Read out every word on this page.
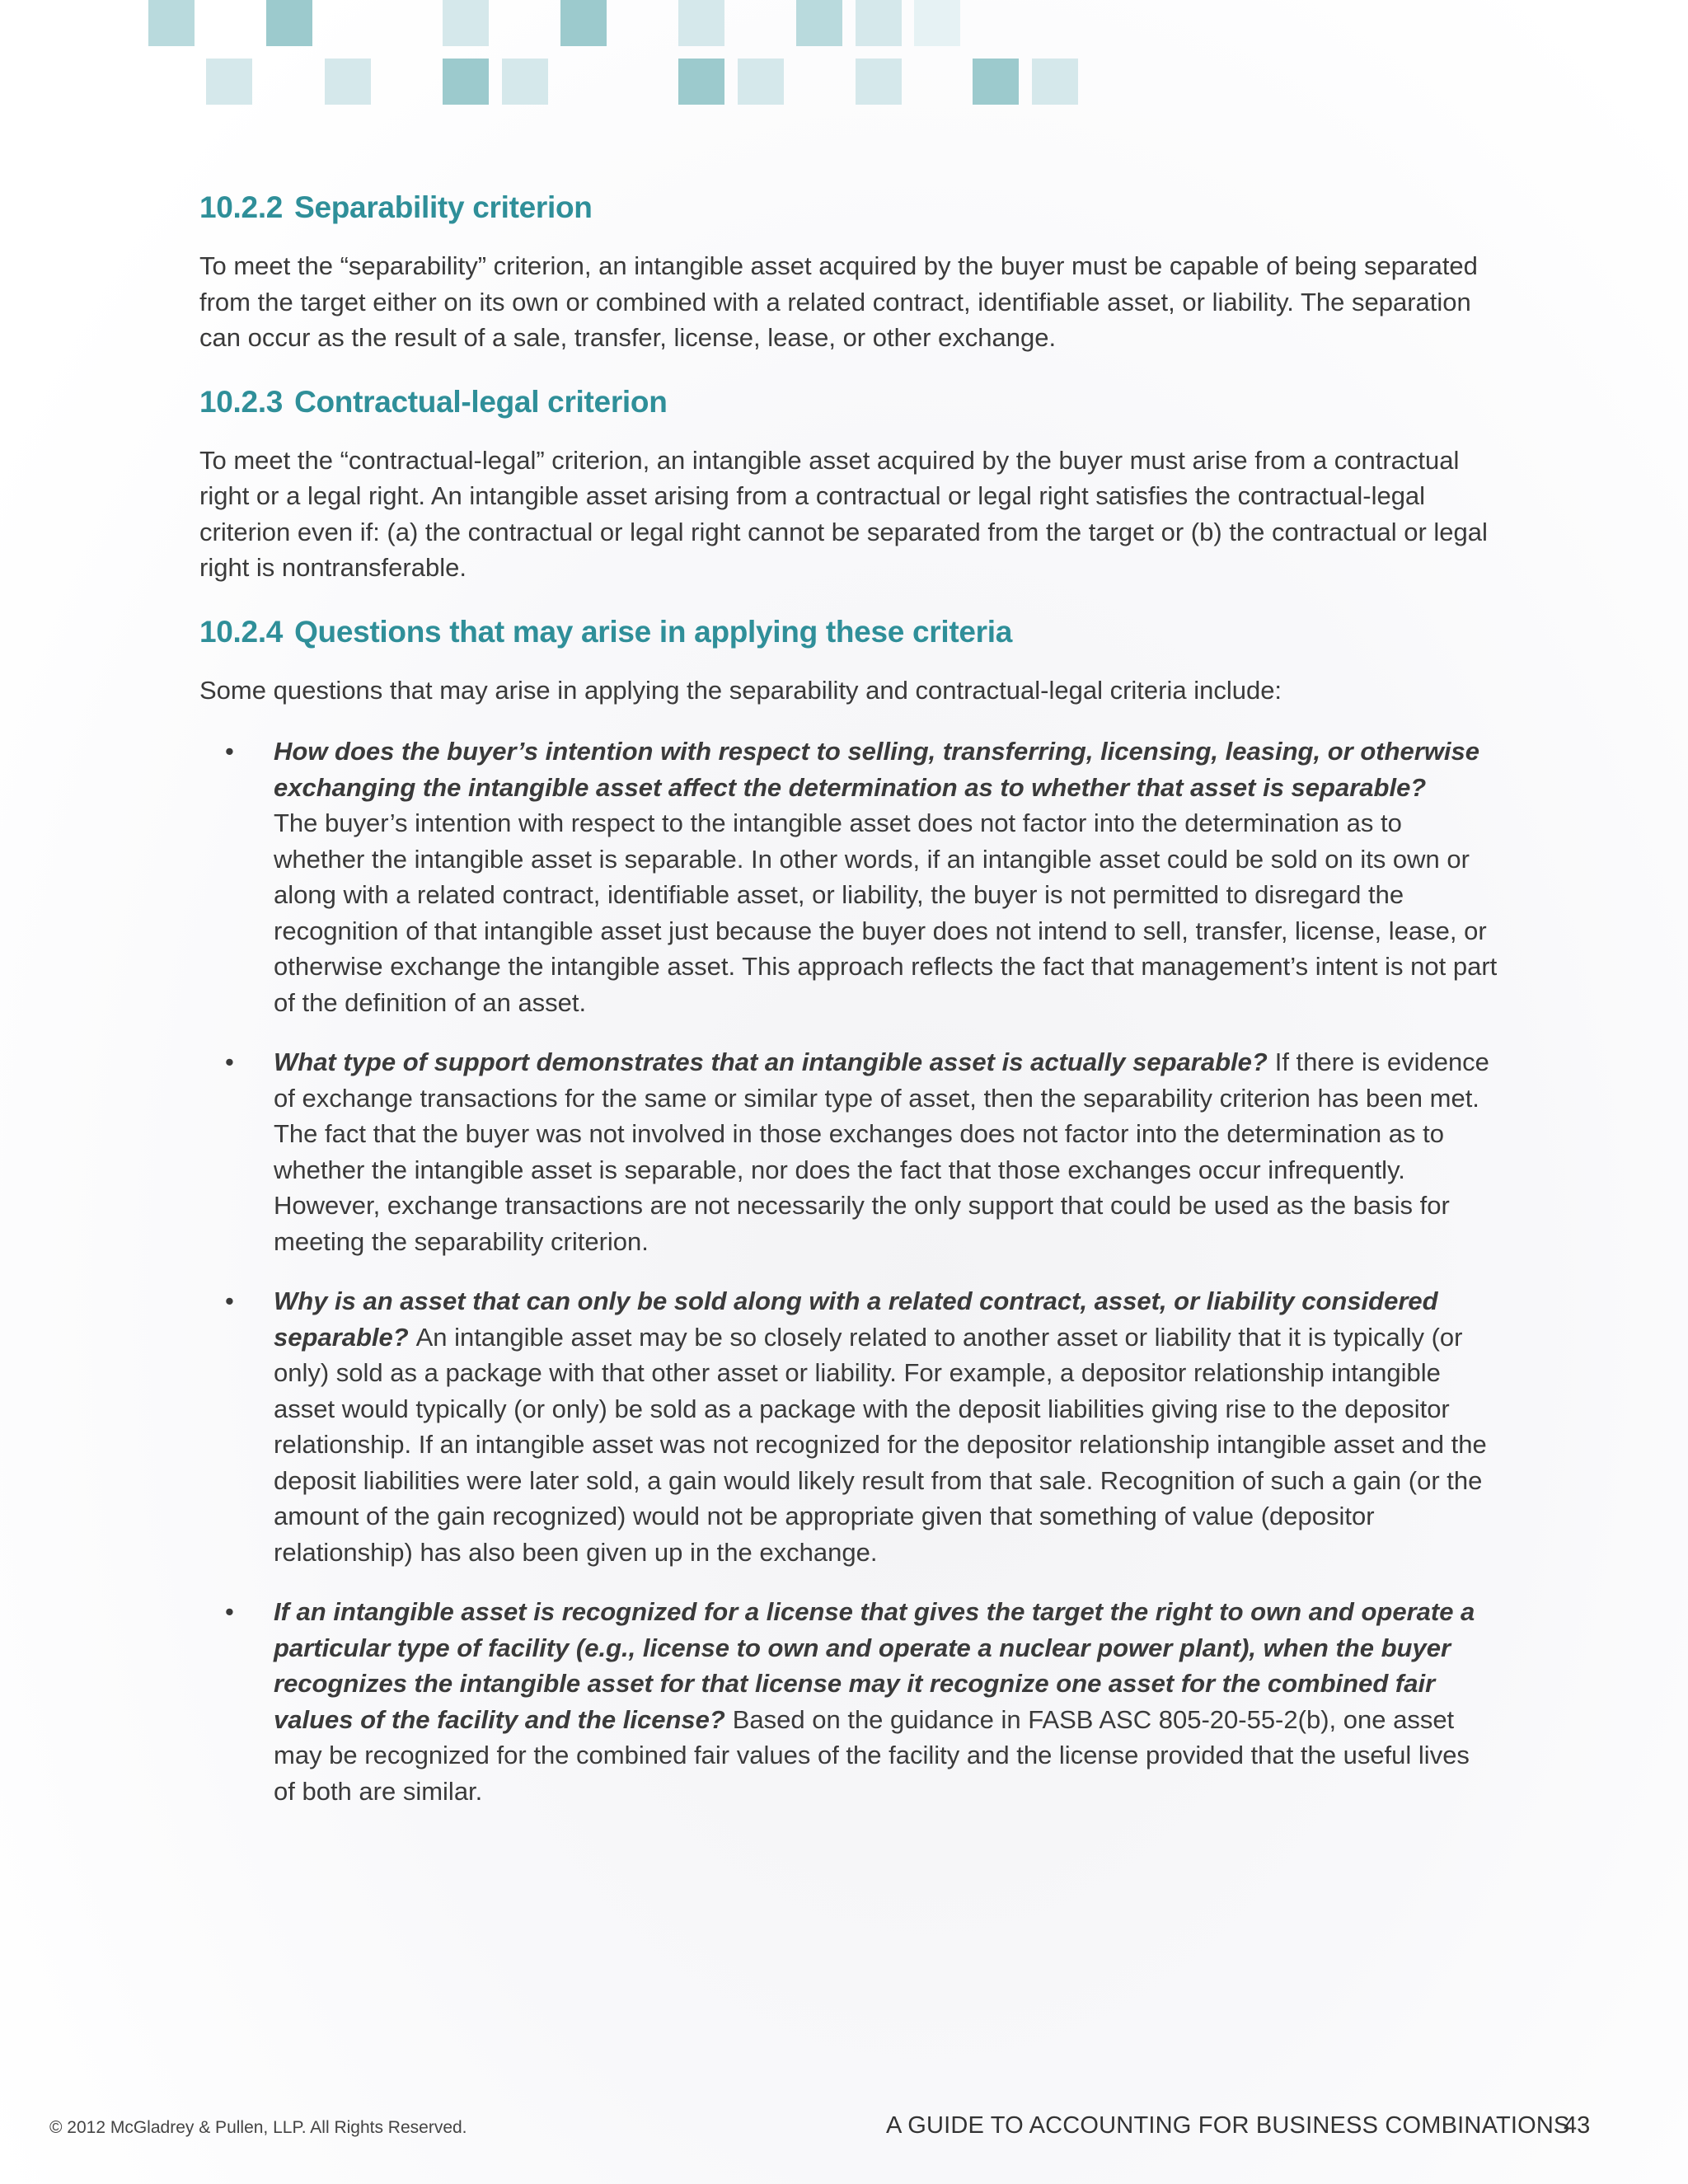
10.2.2 Separability criterion

To meet the “separability” criterion, an intangible asset acquired by the buyer must be capable of being separated from the target either on its own or combined with a related contract, identifiable asset, or liability. The separation can occur as the result of a sale, transfer, license, lease, or other exchange.

10.2.3 Contractual-legal criterion

To meet the “contractual-legal” criterion, an intangible asset acquired by the buyer must arise from a contractual right or a legal right. An intangible asset arising from a contractual or legal right satisfies the contractual-legal criterion even if: (a) the contractual or legal right cannot be separated from the target or (b) the contractual or legal right is nontransferable.

10.2.4 Questions that may arise in applying these criteria

Some questions that may arise in applying the separability and contractual-legal criteria include:

• How does the buyer’s intention with respect to selling, transferring, licensing, leasing, or otherwise exchanging the intangible asset affect the determination as to whether that asset is separable?
The buyer’s intention with respect to the intangible asset does not factor into the determination as to whether the intangible asset is separable. In other words, if an intangible asset could be sold on its own or along with a related contract, identifiable asset, or liability, the buyer is not permitted to disregard the recognition of that intangible asset just because the buyer does not intend to sell, transfer, license, lease, or otherwise exchange the intangible asset. This approach reflects the fact that management’s intent is not part of the definition of an asset.
• What type of support demonstrates that an intangible asset is actually separable? If there is evidence of exchange transactions for the same or similar type of asset, then the separability criterion has been met. The fact that the buyer was not involved in those exchanges does not factor into the determination as to whether the intangible asset is separable, nor does the fact that those exchanges occur infrequently. However, exchange transactions are not necessarily the only support that could be used as the basis for meeting the separability criterion.
• Why is an asset that can only be sold along with a related contract, asset, or liability considered separable? An intangible asset may be so closely related to another asset or liability that it is typically (or only) sold as a package with that other asset or liability. For example, a depositor relationship intangible asset would typically (or only) be sold as a package with the deposit liabilities giving rise to the depositor relationship. If an intangible asset was not recognized for the depositor relationship intangible asset and the deposit liabilities were later sold, a gain would likely result from that sale. Recognition of such a gain (or the amount of the gain recognized) would not be appropriate given that something of value (depositor relationship) has also been given up in the exchange.
• If an intangible asset is recognized for a license that gives the target the right to own and operate a particular type of facility (e.g., license to own and operate a nuclear power plant), when the buyer recognizes the intangible asset for that license may it recognize one asset for the combined fair values of the facility and the license? Based on the guidance in FASB ASC 805-20-55-2(b), one asset may be recognized for the combined fair values of the facility and the license provided that the useful lives of both are similar.
© 2012 McGladrey & Pullen, LLP. All Rights Reserved.	A GUIDE TO ACCOUNTING FOR BUSINESS COMBINATIONS
43
